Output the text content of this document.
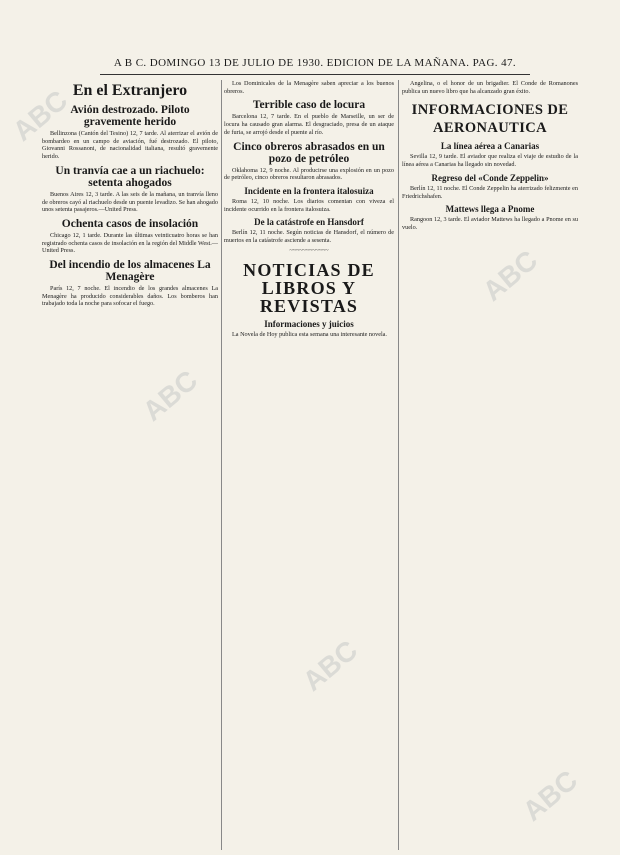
A B C. DOMINGO 13 DE JULIO DE 1930. EDICION DE LA MAÑANA. PAG. 47.
En el Extranjero
Avión destrozado. Piloto gravemente herido

Bellinzona (Cantón del Tesino) 12, 7 tarde. Al aterrizar el avión de bombardeo en un campo de aviación, fué destrozado. El piloto, Giovanni Rossanoni, de nacionalidad italiana, resultó gravemente herido.

Un tranvía cae a un riachuelo: setenta ahogados

Buenos Aires 12, 3 tarde. A las seis de la mañana, un tranvía lleno de obreros cayó al riachuelo desde un puente levadizo. Se han ahogado unos setenta pasajeros.—United Press.

Ochenta casos de insolación

Chicago 12, 1 tarde. Durante las últimas veinticuatro horas se han registrado ochenta casos de insolación en la región del Middle West.—United Press.

Del incendio de los almacenes La Menagère

París 12, 7 noche. El incendio de los grandes almacenes La Menagère ha producido considerables daños. Los bomberos han trabajado toda la noche para sofocar el fuego.

Los Dominicales de la Menagère saben apreciar a los buenos obreros.

Terrible caso de locura

Barcelona 12, 7 tarde. En el pueblo de Marseille, un ser de locura ha causado gran alarma. El desgraciado, presa de un ataque de furia, se arrojó desde el puente al río.

Cinco obreros abrasados en un pozo de petróleo

Oklahoma 12, 9 noche. Al producirse una explosión en un pozo de petróleo, cinco obreros resultaron abrasados.

Incidente en la frontera italosuiza

Roma 12, 10 noche. Los diarios comentan con viveza el incidente ocurrido en la frontera italosuiza.

De la catástrofe en Hansdorf

Berlín 12, 11 noche. Según noticias de Hansdorf, el número de muertos en la catástrofe asciende a sesenta.

~~~~~~~~~~~~
NOTICIAS DE LIBROS Y REVISTAS
Informaciones y juicios

La Novela de Hoy publica esta semana una interesante novela.

Angelina, o el honor de un brigadier. El Conde de Romanones publica un nuevo libro que ha alcanzado gran éxito.

INFORMACIONES DE AERONAUTICA
La línea aérea a Canarias

Sevilla 12, 9 tarde. El aviador que realiza el viaje de estudio de la línea aérea a Canarias ha llegado sin novedad.

Regreso del «Conde Zeppelin»

Berlín 12, 11 noche. El Conde Zeppelin ha aterrizado felizmente en Friedrichshafen.

Mattews llega a Pnome

Rangoon 12, 3 tarde. El aviador Mattews ha llegado a Pnome en su vuelo.

ABC
ABC
ABC
ABC
ABC
